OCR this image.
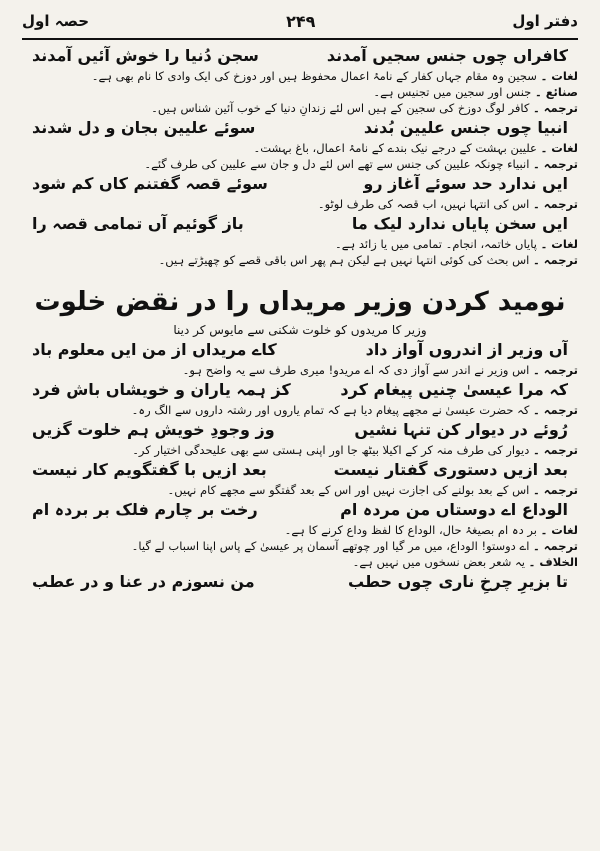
دفتر اول
۲۴۹
حصہ اول
کافراں چوں جنس سجیں آمدند
سجن دُنیا را خوش آئیں آمدند
لغات ۔ سجین وہ مقام جہاں کفار کے نامۂ اعمال محفوظ ہیں اور دوزخ کی ایک وادی کا نام بھی ہے۔
صنائع ۔ جنس اور سجین میں تجنیس ہے۔
ترجمہ ۔ کافر لوگ دوزخ کی سجین کے ہیں اس لئے زندانِ دنیا کے خوب آئین شناس ہیں۔
انبیا چوں جنس علیین بُدند
سوئے علیین بجان و دل شدند
لغات ۔ علیین بہشت کے درجے نیک بندے کے نامۂ اعمال، باغ بہشت۔
ترجمہ ۔ انبیاء چونکہ علیین کی جنس سے تھے اس لئے دل و جان سے علیین کی طرف گئے۔
ایں ندارد حد سوئے آغاز رو
سوئے قصہ گفتنم کاں کم شود
ترجمہ ۔ اس کی انتہا نہیں، اب قصہ کی طرف لوٹو۔
ایں سخن پایاں ندارد لیک ما
باز گوئیم آں تمامی قصہ را
لغات ۔ پایاں خاتمہ، انجام۔ تمامی میں یا زائد ہے۔
ترجمہ ۔ اس بحث کی کوئی انتہا نہیں ہے لیکن ہم پھر اس باقی قصے کو چھیڑتے ہیں۔
نومید کردن وزیر مریداں را در نقض خلوت
وزیر کا مریدوں کو خلوت شکنی سے مایوس کر دینا
آں وزیر از اندروں آواز داد
کاے مریداں از من ایں معلوم باد
ترجمہ ۔ اس وزیر نے اندر سے آواز دی کہ اے مریدو! میری طرف سے یہ واضح ہو۔
کہ مرا عیسیٰ چنیں پیغام کرد
کز ہمہ یاران و خویشاں باش فرد
ترجمہ ۔ کہ حضرت عیسیٰ نے مجھے پیغام دیا ہے کہ تمام یاروں اور رشتہ داروں سے الگ رہ۔
رُوئے در دیوار کن تنہا نشیں
وز وجودِ خویش ہم خلوت گزیں
ترجمہ ۔ دیوار کی طرف منہ کر کے اکیلا بیٹھ جا اور اپنی ہستی سے بھی علیحدگی اختیار کر۔
بعد ازیں دستوری گفتار نیست
بعد ازیں با گفتگویم کار نیست
ترجمہ ۔ اس کے بعد بولنے کی اجازت نہیں اور اس کے بعد گفتگو سے مجھے کام نہیں۔
الوداع اے دوستاں من مردہ ام
رخت بر چارم فلک بر بردہ ام
لغات ۔ بر دہ ام بصیغۂ حال، الوداع کا لفظ وداع کرنے کا ہے۔
ترجمہ ۔ اے دوستو! الوداع، میں مر گیا اور چوتھے آسمان پر عیسیٰ کے پاس اپنا اسباب لے گیا۔
الخلاف ۔ یہ شعر بعض نسخوں میں نہیں ہے۔
تا بزیرِ چرخِ ناری چوں حطب
من نسوزم در عنا و در عطب
